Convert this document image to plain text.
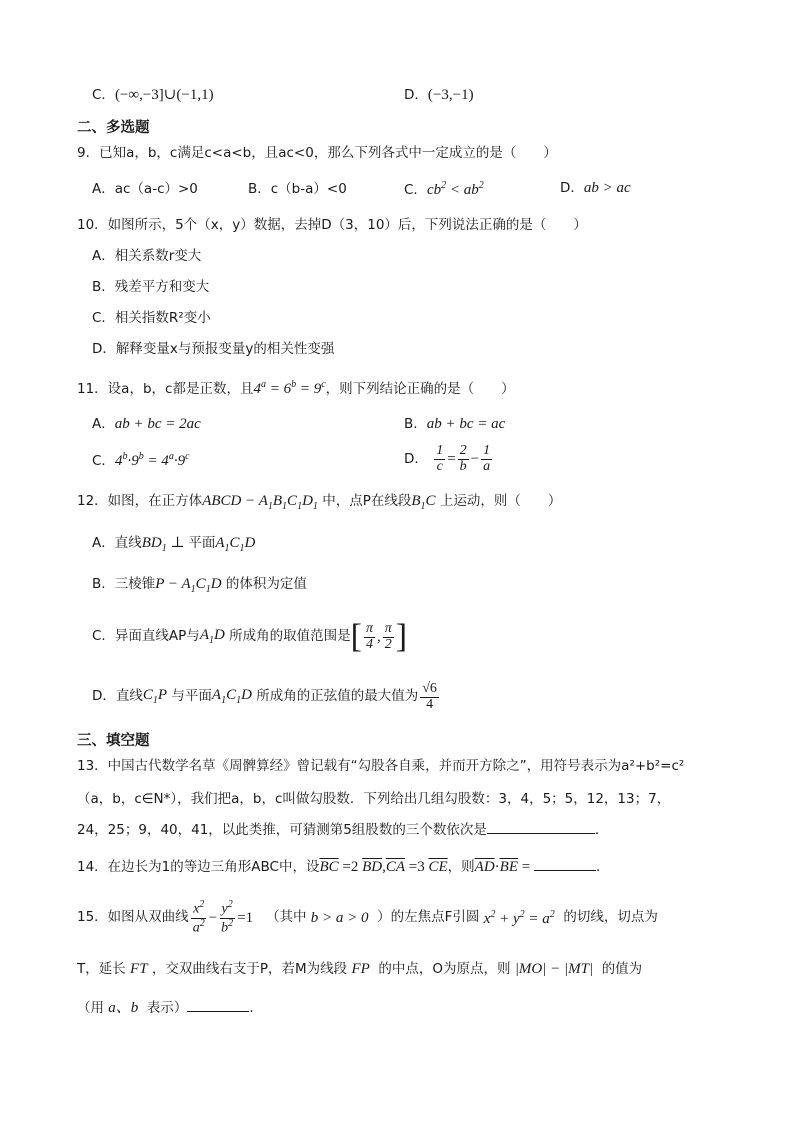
C．(−∞,−3]∪(−1,1)	D．(−3,−1)
二、多选题
9．已知a，b，c满足c<a<b，且ac<0，那么下列各式中一定成立的是（　　）
A．ac（a-c）>0	B．c（b-a）<0	C．$cb^2 < ab^2$	D．ab > ac
10．如图所示，5个（x，y）数据，去掉D（3，10）后，下列说法正确的是（　　）
A．相关系数r变大
B．残差平方和变大
C．相关指数R²变小
D．解释变量x与预报变量y的相关性变强
11．设a，b，c都是正数，且$4^a = 6^b = 9^c$，则下列结论正确的是（　　）
A．ab + bc = 2ac	B．ab + bc = ac
C．$4^b\cdot 9^b = 4^a\cdot 9^c$	D． $\frac{1}{c} = \frac{2}{b} - \frac{1}{a}$
12．如图，在正方体ABCD − $A_1B_1C_1D_1$ 中，点P在线段$B_1C$ 上运动，则（　　）
A．直线$BD_1$ ⊥ 平面$A_1C_1D$
B．三棱锥$P - A_1C_1D$ 的体积为定值
C．异面直线AP与 $A_1D$
所成角的取值范围是 [ $\frac{\pi}{4}$ , $\frac{\pi}{2}$ ]
D．直线 $C_1P$
与平面 $A_1C_1D$
所成角的正弦值的最大值为 $\frac{√6}{4}$
三、填空题
13．中国古代数学名草《周髀算经》曾记载有“勾股各自乘，并而开方除之”，用符号表示为a²+b²=c²
（a，b，c∈N*），我们把a，b，c叫做勾股数．下列给出几组勾股数：3，4，5；5，12，13；7，
24，25；9，40，41，以此类推，可猜测第5组股数的三个数依次是	．
14．在边长为1的等边三角形ABC中，设$\overline{BC} =2$ $\overline{BD},\overline{CA} =3$ $\overline{CE}$，则$\overline{AD}\cdot\overline{BE}$ =	.
15．如图从双曲线 $\frac{x^2}{a^2} - \frac{y^2}{b^2} =1$
（其中
b > a > 0
）的左焦点F引圆
$x^2 + y^2 = a^2$
的切线，切点为
T，延长 FT ，交双曲线右支于P，若M为线段 FP 的中点，O为原点，则 |MO| − |MT| 的值为
（用 a、b 表示）	．
